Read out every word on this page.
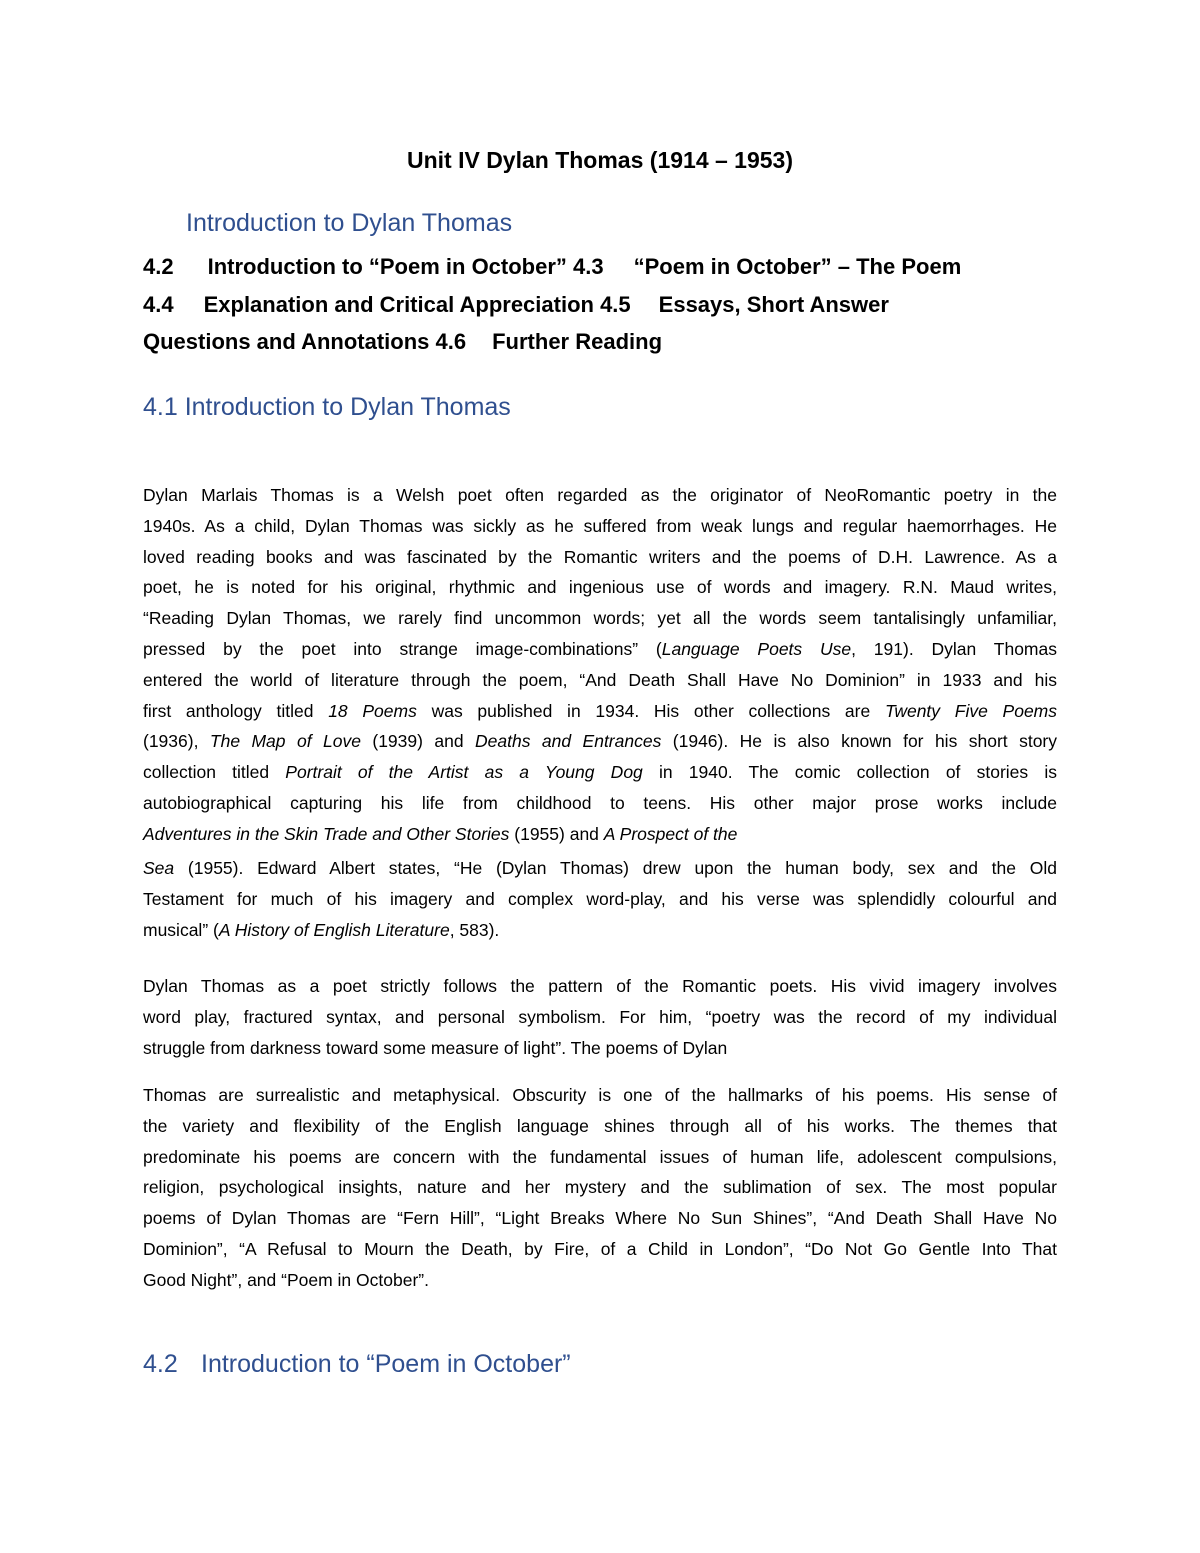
Unit IV Dylan Thomas (1914 – 1953)
Introduction to Dylan Thomas
4.2 Introduction to “Poem in October” 4.3 “Poem in October” – The Poem
4.4 Explanation and Critical Appreciation 4.5 Essays, Short Answer
Questions and Annotations 4.6 Further Reading
4.1 Introduction to Dylan Thomas
Dylan Marlais Thomas is a Welsh poet often regarded as the originator of NeoRomantic poetry in the
1940s. As a child, Dylan Thomas was sickly as he suffered from weak lungs and regular haemorrhages. He
loved reading books and was fascinated by the Romantic writers and the poems of D.H. Lawrence. As a
poet, he is noted for his original, rhythmic and ingenious use of words and imagery. R.N. Maud writes,
“Reading Dylan Thomas, we rarely find uncommon words; yet all the words seem tantalisingly unfamiliar,
pressed by the poet into strange image-combinations” (Language Poets Use, 191). Dylan Thomas
entered the world of literature through the poem, “And Death Shall Have No Dominion” in 1933 and his
first anthology titled 18 Poems was published in 1934. His other collections are Twenty Five Poems
(1936), The Map of Love (1939) and Deaths and Entrances (1946). He is also known for his short story
collection titled Portrait of the Artist as a Young Dog in 1940. The comic collection of stories is
autobiographical capturing his life from childhood to teens. His other major prose works include
Adventures in the Skin Trade and Other Stories (1955) and A Prospect of the
Sea (1955). Edward Albert states, “He (Dylan Thomas) drew upon the human body, sex and the Old
Testament for much of his imagery and complex word-play, and his verse was splendidly colourful and
musical” (A History of English Literature, 583).
Dylan Thomas as a poet strictly follows the pattern of the Romantic poets. His vivid imagery involves
word play, fractured syntax, and personal symbolism. For him, “poetry was the record of my individual
struggle from darkness toward some measure of light”. The poems of Dylan
Thomas are surrealistic and metaphysical. Obscurity is one of the hallmarks of his poems. His sense of
the variety and flexibility of the English language shines through all of his works. The themes that
predominate his poems are concern with the fundamental issues of human life, adolescent compulsions,
religion, psychological insights, nature and her mystery and the sublimation of sex. The most popular
poems of Dylan Thomas are “Fern Hill”, “Light Breaks Where No Sun Shines”, “And Death Shall Have No
Dominion”, “A Refusal to Mourn the Death, by Fire, of a Child in London”, “Do Not Go Gentle Into That
Good Night”, and “Poem in October”.
4.2 Introduction to “Poem in October”
